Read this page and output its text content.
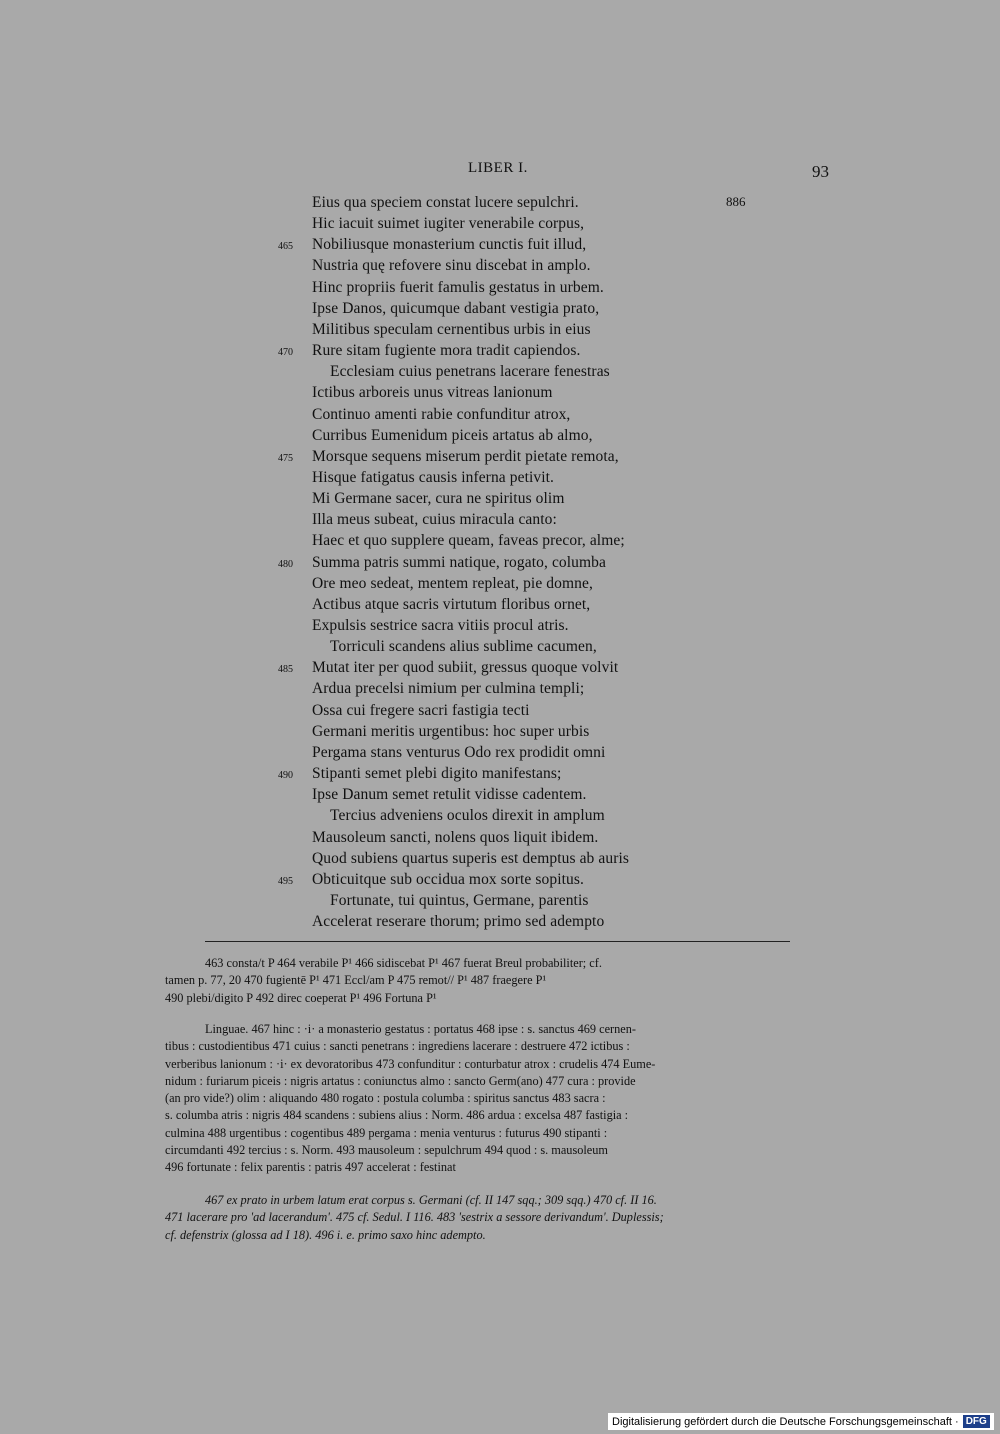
LIBER I.	93
886
Eius qua speciem constat lucere sepulchri.
Hic iacuit suimet iugiter venerabile corpus,
465 Nobiliusque monasterium cunctis fuit illud,
Nustria quę refovere sinu discebat in amplo.
Hinc propriis fuerit famulis gestatus in urbem.
Ipse Danos, quicumque dabant vestigia prato,
Militibus speculam cernentibus urbis in eius
470 Rure sitam fugiente mora tradit capiendos.
Ecclesiam cuius penetrans lacerare fenestras
Ictibus arboreis unus vitreas lanionum
Continuo amenti rabie confunditur atrox,
Curribus Eumenidum piceis artatus ab almo,
475 Morsque sequens miserum perdit pietate remota,
Hisque fatigatus causis inferna petivit.
Mi Germane sacer, cura ne spiritus olim
Illa meus subeat, cuius miracula canto:
Haec et quo supplere queam, faveas precor, alme;
480 Summa patris summi natique, rogato, columba
Ore meo sedeat, mentem repleat, pie domne,
Actibus atque sacris virtutum floribus ornet,
Expulsis sestrice sacra vitiis procul atris.
Torriculi scandens alius sublime cacumen,
485 Mutat iter per quod subiit, gressus quoque volvit
Ardua precelsi nimium per culmina templi;
Ossa cui fregere sacri fastigia tecti
Germani meritis urgentibus: hoc super urbis
Pergama stans venturus Odo rex prodidit omni
490 Stipanti semet plebi digito manifestans;
Ipse Danum semet retulit vidisse cadentem.
Tercius adveniens oculos direxit in amplum
Mausoleum sancti, nolens quos liquit ibidem.
Quod subiens quartus superis est demptus ab auris
495 Obticuitque sub occidua mox sorte sopitus.
Fortunate, tui quintus, Germane, parentis
Accelerat reserare thorum; primo sed adempto

463 consta/t P 464 verabile P¹ 466 sidiscebat P¹ 467 fuerat Breul probabiliter; cf.

tamen p. 77, 20 470 fugientē P¹ 471 Eccl/am P 475 remot// P¹ 487 fraegere P¹

490 plebi/digito P 492 direc coeperat P¹ 496 Fortuna P¹

Linguae. 467 hinc : ·i· a monasterio gestatus : portatus 468 ipse : s. sanctus 469 cernen-

tibus : custodientibus 471 cuius : sancti penetrans : ingrediens lacerare : destruere 472 ictibus :

verberibus lanionum : ·i· ex devoratoribus 473 confunditur : conturbatur atrox : crudelis 474 Eume-

nidum : furiarum piceis : nigris artatus : coniunctus almo : sancto Germ(ano) 477 cura : provide

(an pro vide?) olim : aliquando 480 rogato : postula columba : spiritus sanctus 483 sacra :

s. columba atris : nigris 484 scandens : subiens alius : Norm. 486 ardua : excelsa 487 fastigia :

culmina 488 urgentibus : cogentibus 489 pergama : menia venturus : futurus 490 stipanti :

circumdanti 492 tercius : s. Norm. 493 mausoleum : sepulchrum 494 quod : s. mausoleum

496 fortunate : felix parentis : patris 497 accelerat : festinat

467 ex prato in urbem latum erat corpus s. Germani (cf. II 147 sqq.; 309 sqq.) 470 cf. II 16.

471 lacerare pro 'ad lacerandum'. 475 cf. Sedul. I 116. 483 'sestrix a sessore derivandum'. Duplessis;

cf. defenstrix (glossa ad I 18). 496 i. e. primo saxo hinc adempto.

Digitalisierung gefördert durch die Deutsche Forschungsgemeinschaft · DFG
